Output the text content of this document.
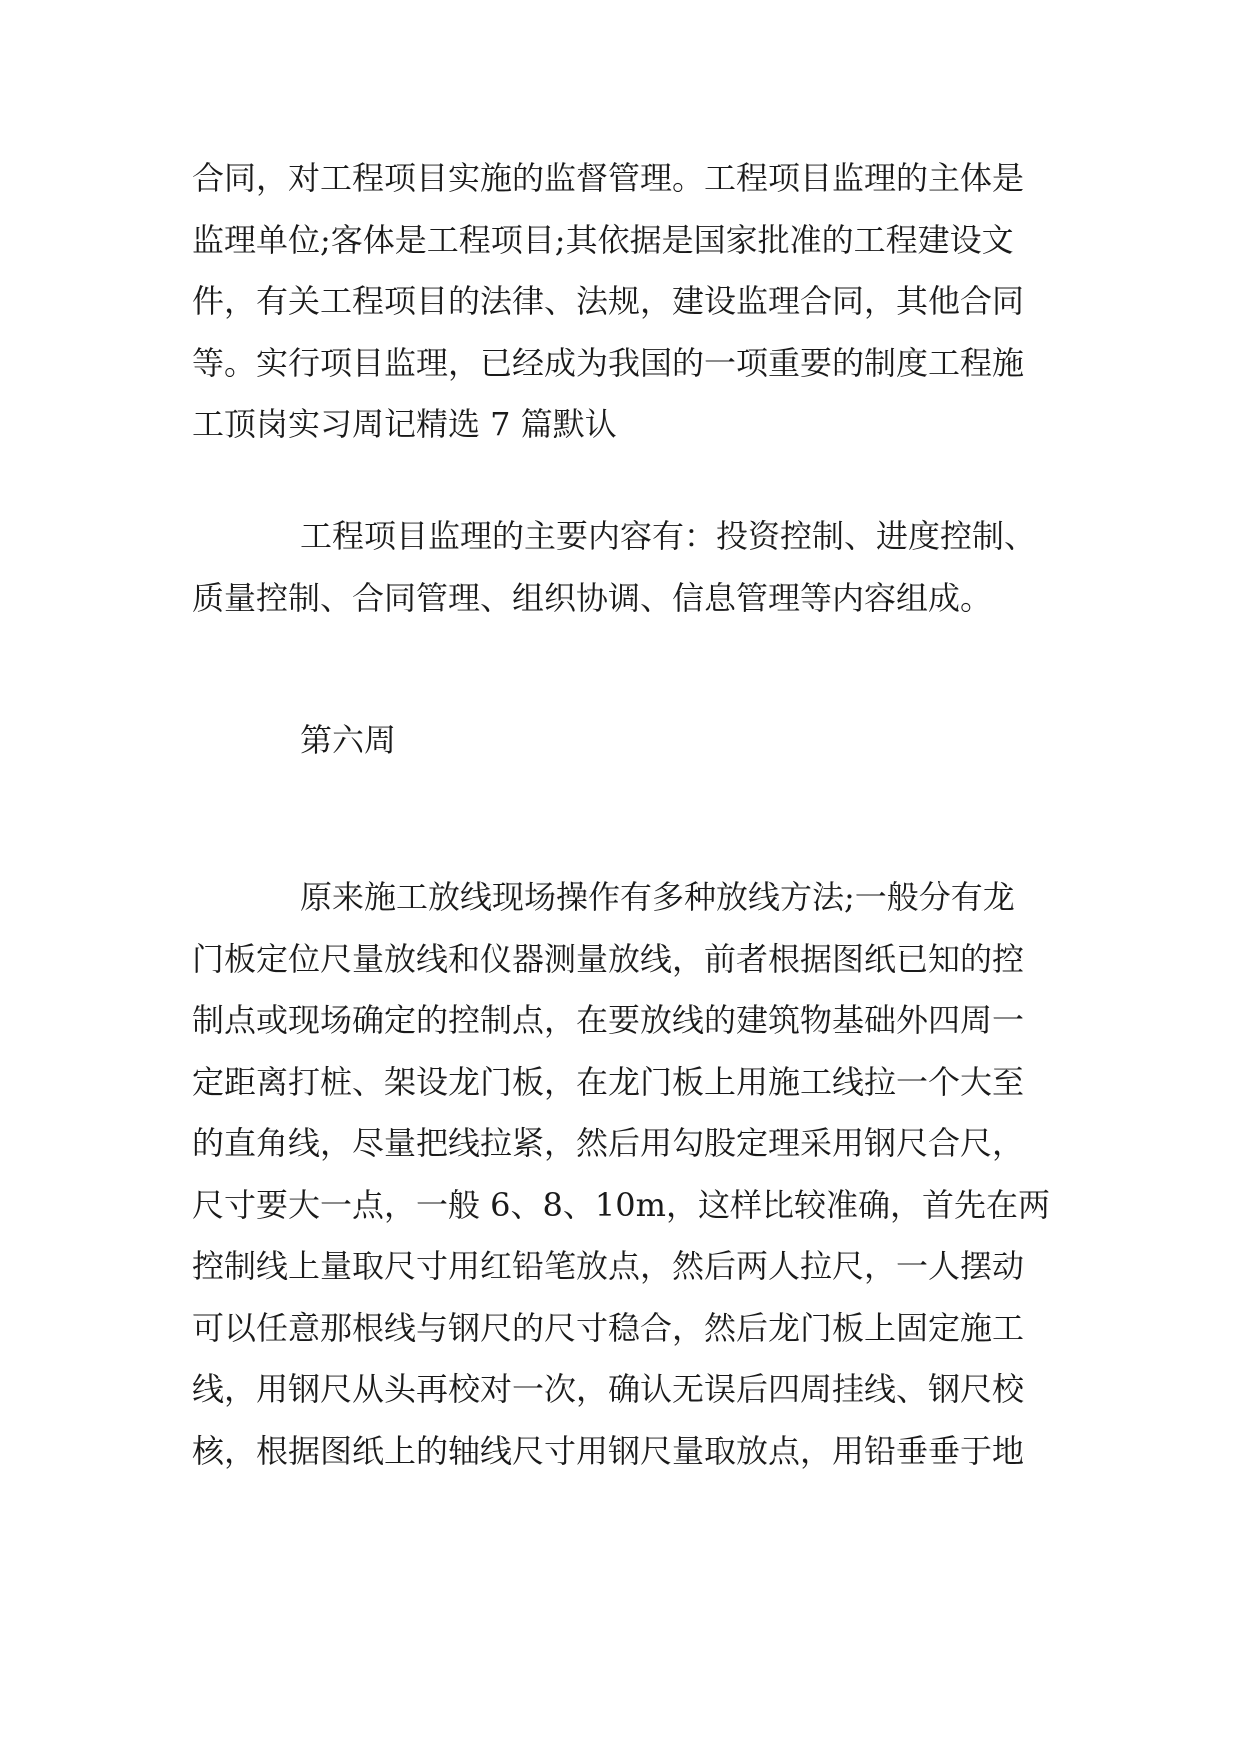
合同，对工程项目实施的监督管理。工程项目监理的主体是
监理单位;客体是工程项目;其依据是国家批准的工程建设文
件，有关工程项目的法律、法规，建设监理合同，其他合同
等。实行项目监理，已经成为我国的一项重要的制度工程施
工顶岗实习周记精选 7 篇默认
工程项目监理的主要内容有：投资控制、进度控制、
质量控制、合同管理、组织协调、信息管理等内容组成。
第六周
原来施工放线现场操作有多种放线方法;一般分有龙
门板定位尺量放线和仪器测量放线，前者根据图纸已知的控
制点或现场确定的控制点，在要放线的建筑物基础外四周一
定距离打桩、架设龙门板，在龙门板上用施工线拉一个大至
的直角线，尽量把线拉紧，然后用勾股定理采用钢尺合尺，
尺寸要大一点，一般 6、8、10m，这样比较准确，首先在两
控制线上量取尺寸用红铅笔放点，然后两人拉尺，一人摆动
可以任意那根线与钢尺的尺寸稳合，然后龙门板上固定施工
线，用钢尺从头再校对一次，确认无误后四周挂线、钢尺校
核，根据图纸上的轴线尺寸用钢尺量取放点，用铅垂垂于地
